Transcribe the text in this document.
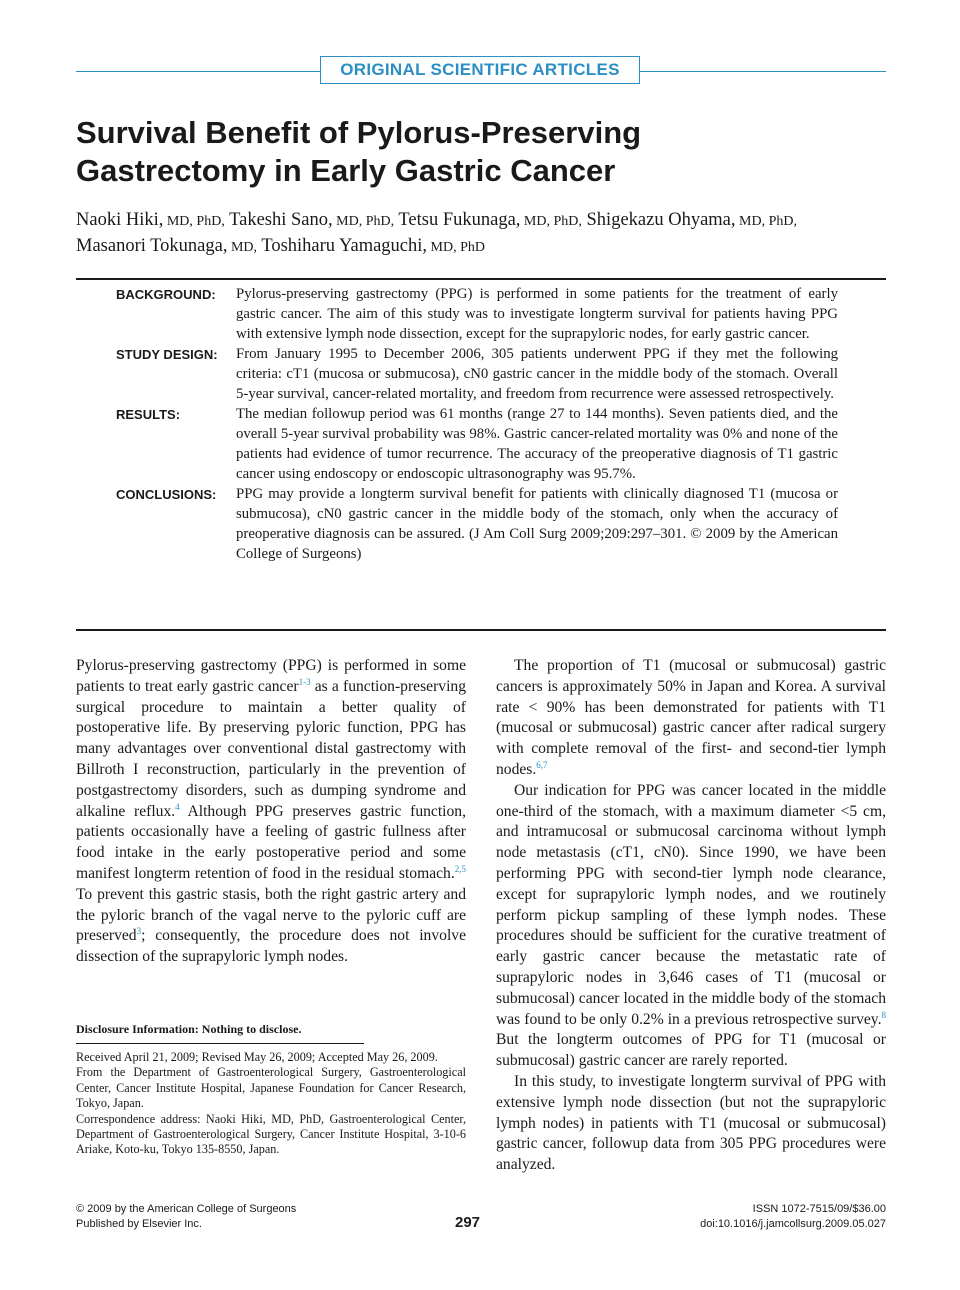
ORIGINAL SCIENTIFIC ARTICLES
Survival Benefit of Pylorus-Preserving
Gastrectomy in Early Gastric Cancer
Naoki Hiki, MD, PhD, Takeshi Sano, MD, PhD, Tetsu Fukunaga, MD, PhD, Shigekazu Ohyama, MD, PhD,
Masanori Tokunaga, MD, Toshiharu Yamaguchi, MD, PhD
BACKGROUND:	Pylorus-preserving gastrectomy (PPG) is performed in some patients for the treatment of early gastric cancer. The aim of this study was to investigate longterm survival for patients having PPG with extensive lymph node dissection, except for the suprapyloric nodes, for early gastric cancer.
STUDY DESIGN:	From January 1995 to December 2006, 305 patients underwent PPG if they met the following criteria: cT1 (mucosa or submucosa), cN0 gastric cancer in the middle body of the stomach. Overall 5-year survival, cancer-related mortality, and freedom from recurrence were assessed retrospectively.
RESULTS:	The median followup period was 61 months (range 27 to 144 months). Seven patients died, and the overall 5-year survival probability was 98%. Gastric cancer-related mortality was 0% and none of the patients had evidence of tumor recurrence. The accuracy of the preoperative diagnosis of T1 gastric cancer using endoscopy or endoscopic ultrasonography was 95.7%.
CONCLUSIONS:	PPG may provide a longterm survival benefit for patients with clinically diagnosed T1 (mucosa or submucosa), cN0 gastric cancer in the middle body of the stomach, only when the accuracy of preoperative diagnosis can be assured. (J Am Coll Surg 2009;209:297–301. © 2009 by the American College of Surgeons)

Pylorus-preserving gastrectomy (PPG) is performed in some patients to treat early gastric cancer$^{1-3}$ as a function-preserving surgical procedure to maintain a better quality of postoperative life. By preserving pyloric function, PPG has many advantages over conventional distal gastrectomy with Billroth I reconstruction, particularly in the prevention of postgastrectomy disorders, such as dumping syndrome and alkaline reflux.$^4$ Although PPG preserves gastric function, patients occasionally have a feeling of gastric fullness after food intake in the early postoperative period and some manifest longterm retention of food in the residual stomach.$^{2,5}$ To prevent this gastric stasis, both the right gastric artery and the pyloric branch of the vagal nerve to the pyloric cuff are preserved$^3$; consequently, the procedure does not involve dissection of the suprapyloric lymph nodes.

The proportion of T1 (mucosal or submucosal) gastric cancers is approximately 50% in Japan and Korea. A survival rate < 90% has been demonstrated for patients with T1 (mucosal or submucosal) gastric cancer after radical surgery with complete removal of the first- and second-tier lymph nodes.$^{6,7}$

Our indication for PPG was cancer located in the middle one-third of the stomach, with a maximum diameter <5 cm, and intramucosal or submucosal carcinoma without lymph node metastasis (cT1, cN0). Since 1990, we have been performing PPG with second-tier lymph node clearance, except for suprapyloric lymph nodes, and we routinely perform pickup sampling of these lymph nodes. These procedures should be sufficient for the curative treatment of early gastric cancer because the metastatic rate of suprapyloric nodes in 3,646 cases of T1 (mucosal or submucosal) cancer located in the middle body of the stomach was found to be only 0.2% in a previous retrospective survey.$^8$ But the longterm outcomes of PPG for T1 (mucosal or submucosal) gastric cancer are rarely reported.

In this study, to investigate longterm survival of PPG with extensive lymph node dissection (but not the suprapyloric lymph nodes) in patients with T1 (mucosal or submucosal) gastric cancer, followup data from 305 PPG procedures were analyzed.

Disclosure Information: Nothing to disclose.

Received April 21, 2009; Revised May 26, 2009; Accepted May 26, 2009.

From the Department of Gastroenterological Surgery, Gastroenterological Center, Cancer Institute Hospital, Japanese Foundation for Cancer Research, Tokyo, Japan.

Correspondence address: Naoki Hiki, MD, PhD, Gastroenterological Center, Department of Gastroenterological Surgery, Cancer Institute Hospital, 3-10-6 Ariake, Koto-ku, Tokyo 135-8550, Japan.

© 2009 by the American College of Surgeons
Published by Elsevier Inc.	297
ISSN 1072-7515/09/$36.00
doi:10.1016/j.jamcollsurg.2009.05.027
